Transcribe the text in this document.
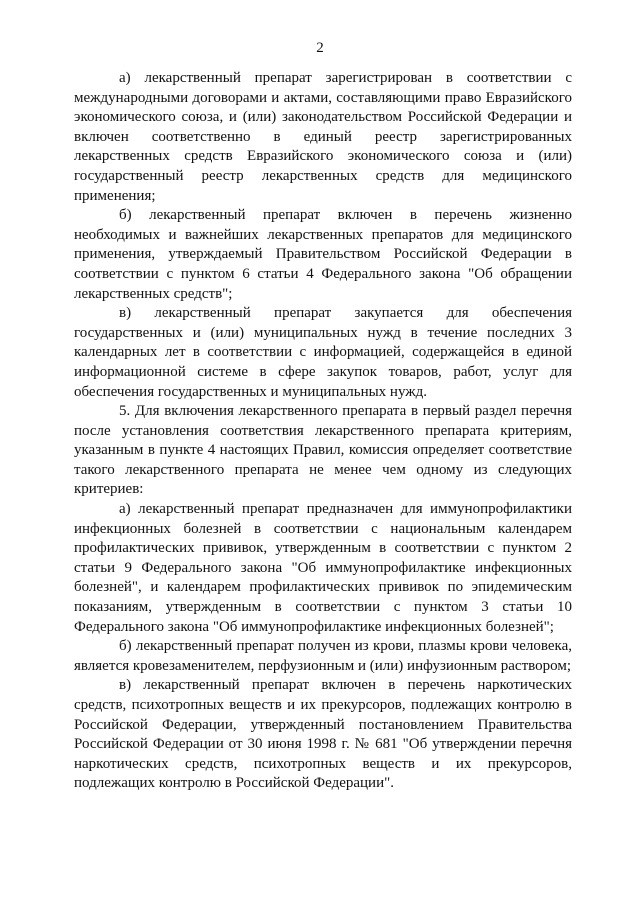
2

а) лекарственный препарат зарегистрирован в соответствии с международными договорами и актами, составляющими право Евразийского экономического союза, и (или) законодательством Российской Федерации и включен соответственно в единый реестр зарегистрированных лекарственных средств Евразийского экономического союза и (или) государственный реестр лекарственных средств для медицинского применения;

б) лекарственный препарат включен в перечень жизненно необходимых и важнейших лекарственных препаратов для медицинского применения, утверждаемый Правительством Российской Федерации в соответствии с пунктом 6 статьи 4 Федерального закона "Об обращении лекарственных средств";

в) лекарственный препарат закупается для обеспечения государственных и (или) муниципальных нужд в течение последних 3 календарных лет в соответствии с информацией, содержащейся в единой информационной системе в сфере закупок товаров, работ, услуг для обеспечения государственных и муниципальных нужд.

5. Для включения лекарственного препарата в первый раздел перечня после установления соответствия лекарственного препарата критериям, указанным в пункте 4 настоящих Правил, комиссия определяет соответствие такого лекарственного препарата не менее чем одному из следующих критериев:

а) лекарственный препарат предназначен для иммунопрофилактики инфекционных болезней в соответствии с национальным календарем профилактических прививок, утвержденным в соответствии с пунктом 2 статьи 9 Федерального закона "Об иммунопрофилактике инфекционных болезней", и календарем профилактических прививок по эпидемическим показаниям, утвержденным в соответствии с пунктом 3 статьи 10 Федерального закона "Об иммунопрофилактике инфекционных болезней";

б) лекарственный препарат получен из крови, плазмы крови человека, является кровезаменителем, перфузионным и (или) инфузионным раствором;

в) лекарственный препарат включен в перечень наркотических средств, психотропных веществ и их прекурсоров, подлежащих контролю в Российской Федерации, утвержденный постановлением Правительства Российской Федерации от 30 июня 1998 г. № 681 "Об утверждении перечня наркотических средств, психотропных веществ и их прекурсоров, подлежащих контролю в Российской Федерации".
